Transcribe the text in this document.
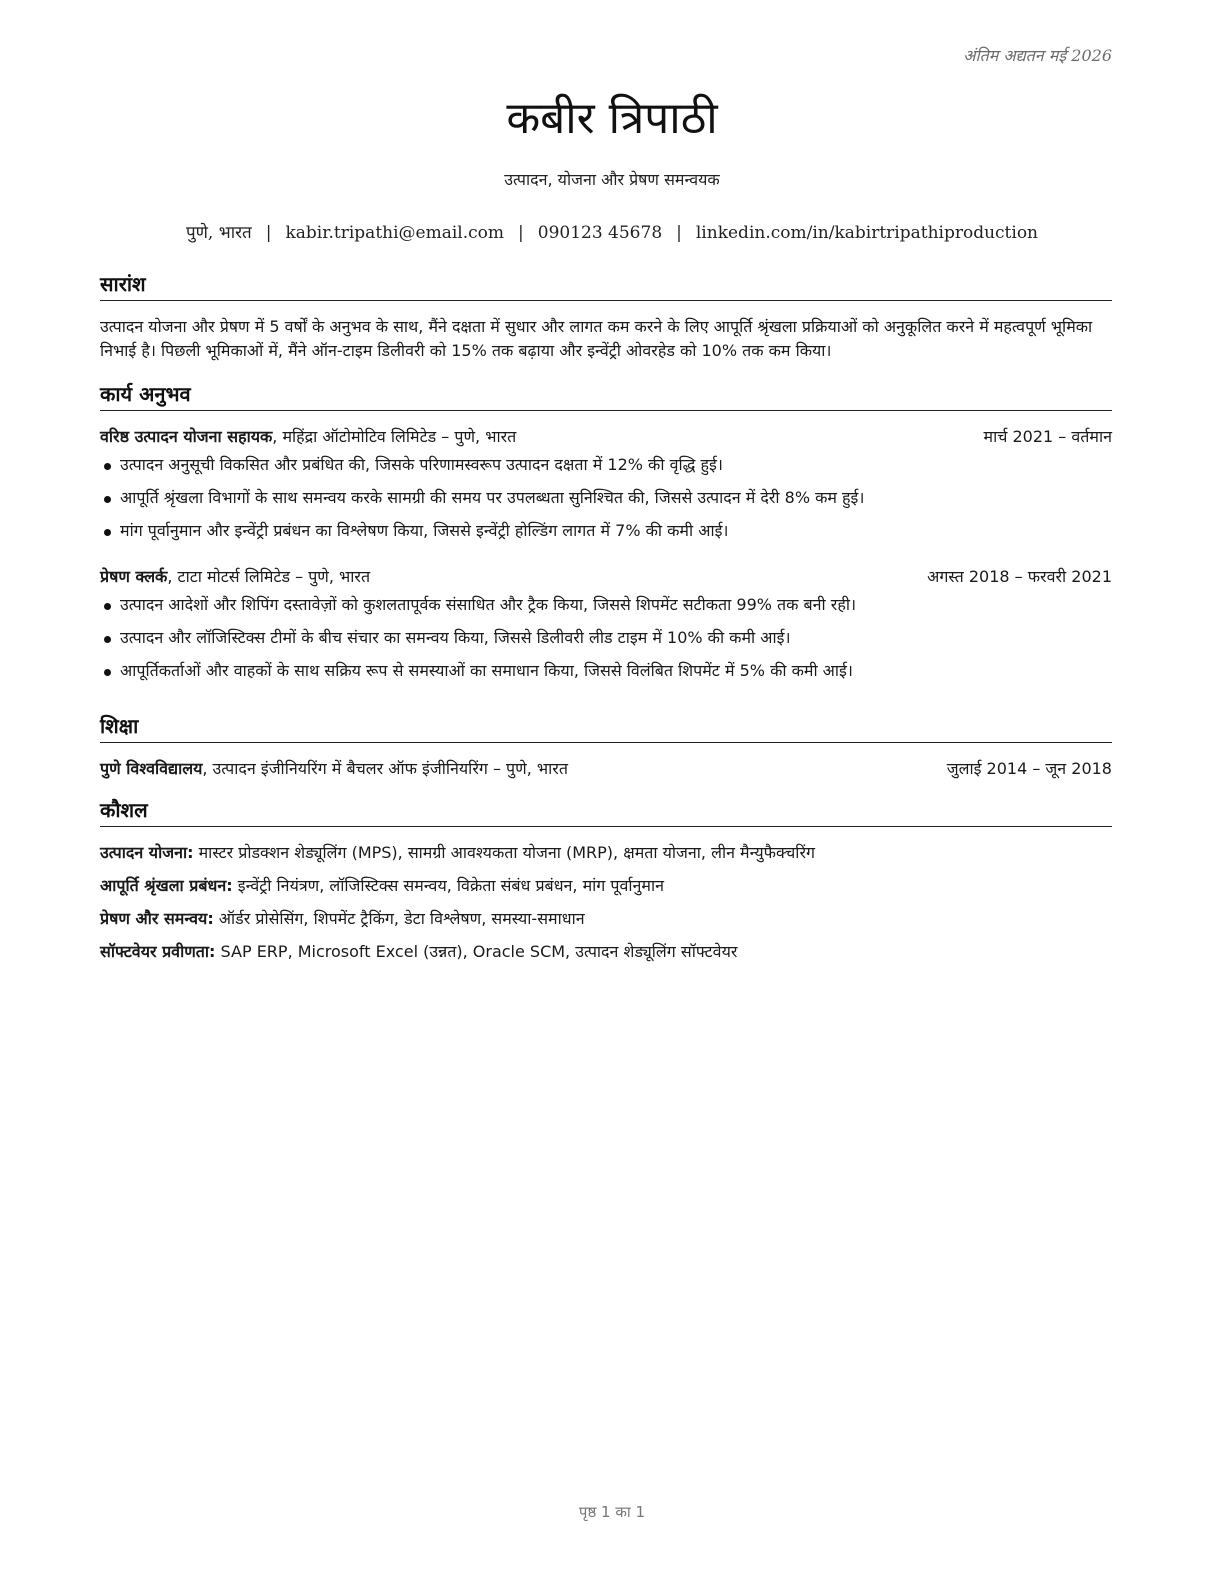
अंतिम अद्यतन मई 2026
कबीर त्रिपाठी
उत्पादन, योजना और प्रेषण समन्वयक
पुणे, भारत | kabir.tripathi@email.com | 090123 45678 | linkedin.com/in/kabirtripathiproduction
सारांश
उत्पादन योजना और प्रेषण में 5 वर्षों के अनुभव के साथ, मैंने दक्षता में सुधार और लागत कम करने के लिए आपूर्ति श्रृंखला प्रक्रियाओं को अनुकूलित करने में महत्वपूर्ण भूमिका निभाई है। पिछली भूमिकाओं में, मैंने ऑन-टाइम डिलीवरी को 15% तक बढ़ाया और इन्वेंट्री ओवरहेड को 10% तक कम किया।
कार्य अनुभव
वरिष्ठ उत्पादन योजना सहायक, महिंद्रा ऑटोमोटिव लिमिटेड – पुणे, भारत	मार्च 2021 – वर्तमान
उत्पादन अनुसूची विकसित और प्रबंधित की, जिसके परिणामस्वरूप उत्पादन दक्षता में 12% की वृद्धि हुई।
आपूर्ति श्रृंखला विभागों के साथ समन्वय करके सामग्री की समय पर उपलब्धता सुनिश्चित की, जिससे उत्पादन में देरी 8% कम हुई।
मांग पूर्वानुमान और इन्वेंट्री प्रबंधन का विश्लेषण किया, जिससे इन्वेंट्री होल्डिंग लागत में 7% की कमी आई।
प्रेषण क्लर्क, टाटा मोटर्स लिमिटेड – पुणे, भारत	अगस्त 2018 – फरवरी 2021
उत्पादन आदेशों और शिपिंग दस्तावेज़ों को कुशलतापूर्वक संसाधित और ट्रैक किया, जिससे शिपमेंट सटीकता 99% तक बनी रही।
उत्पादन और लॉजिस्टिक्स टीमों के बीच संचार का समन्वय किया, जिससे डिलीवरी लीड टाइम में 10% की कमी आई।
आपूर्तिकर्ताओं और वाहकों के साथ सक्रिय रूप से समस्याओं का समाधान किया, जिससे विलंबित शिपमेंट में 5% की कमी आई।
शिक्षा
पुणे विश्वविद्यालय, उत्पादन इंजीनियरिंग में बैचलर ऑफ इंजीनियरिंग – पुणे, भारत	जुलाई 2014 – जून 2018
कौशल
उत्पादन योजना: मास्टर प्रोडक्शन शेड्यूलिंग (MPS), सामग्री आवश्यकता योजना (MRP), क्षमता योजना, लीन मैन्युफैक्चरिंग
आपूर्ति श्रृंखला प्रबंधन: इन्वेंट्री नियंत्रण, लॉजिस्टिक्स समन्वय, विक्रेता संबंध प्रबंधन, मांग पूर्वानुमान
प्रेषण और समन्वय: ऑर्डर प्रोसेसिंग, शिपमेंट ट्रैकिंग, डेटा विश्लेषण, समस्या-समाधान
सॉफ्टवेयर प्रवीणता: SAP ERP, Microsoft Excel (उन्नत), Oracle SCM, उत्पादन शेड्यूलिंग सॉफ्टवेयर
पृष्ठ 1 का 1
